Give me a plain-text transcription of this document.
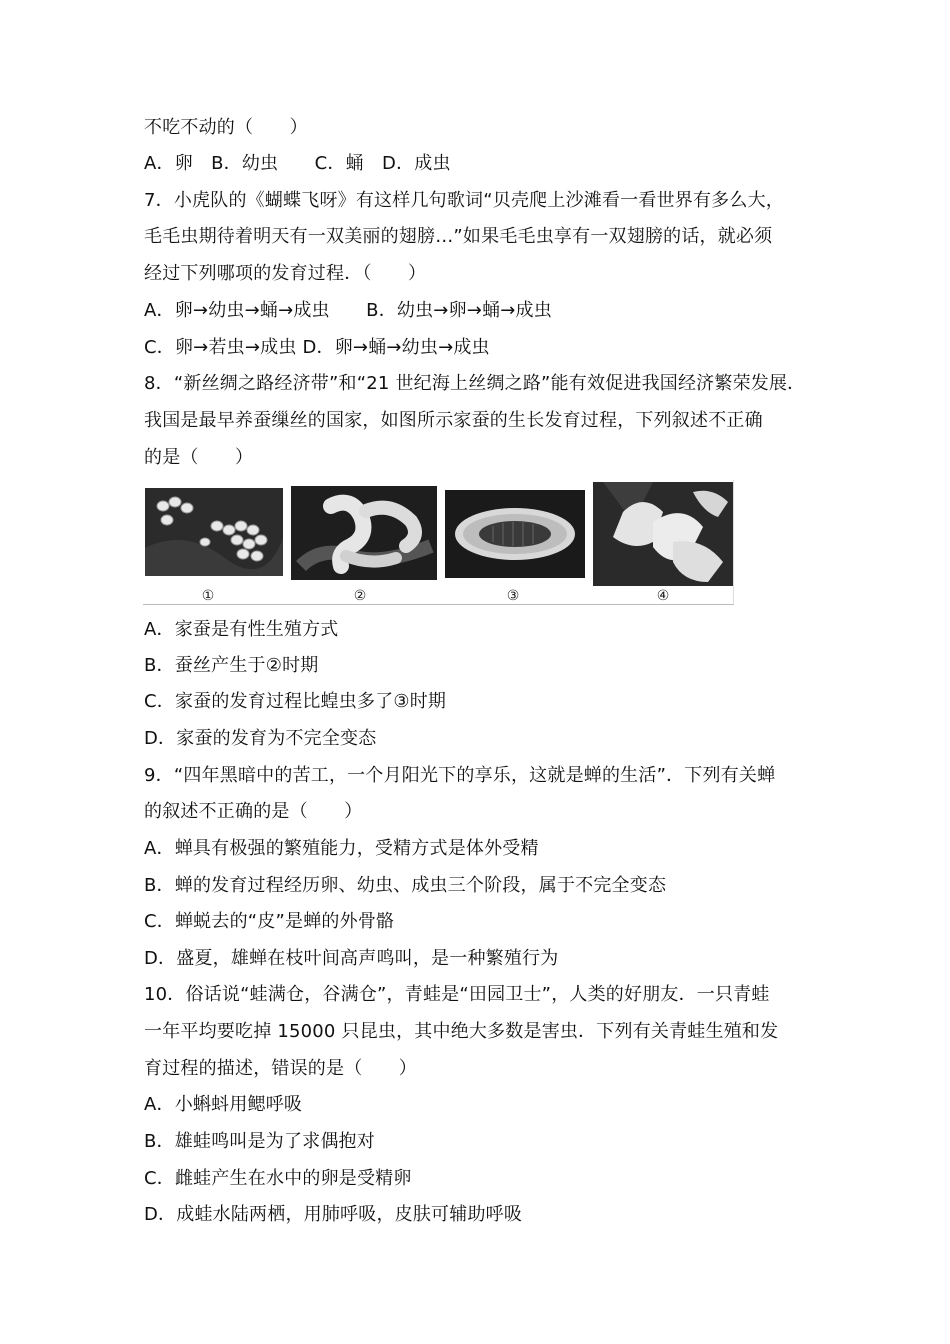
不吃不动的（　　）
A．卵　B．幼虫　　C．蛹　D．成虫
7．小虎队的《蝴蝶飞呀》有这样几句歌词“贝壳爬上沙滩看一看世界有多么大，
毛毛虫期待着明天有一双美丽的翅膀…”如果毛毛虫享有一双翅膀的话，就必须
经过下列哪项的发育过程．（　　）
A．卵→幼虫→蛹→成虫　　B．幼虫→卵→蛹→成虫
C．卵→若虫→成虫 D．卵→蛹→幼虫→成虫
8．“新丝绸之路经济带”和“21 世纪海上丝绸之路”能有效促进我国经济繁荣发展．
我国是最早养蚕缫丝的国家，如图所示家蚕的生长发育过程，下列叙述不正确
的是（　　）
①	②	③	④
A．家蚕是有性生殖方式
B．蚕丝产生于②时期
C．家蚕的发育过程比蝗虫多了③时期
D．家蚕的发育为不完全变态
9．“四年黑暗中的苦工，一个月阳光下的享乐，这就是蝉的生活”．下列有关蝉
的叙述不正确的是（　　）
A．蝉具有极强的繁殖能力，受精方式是体外受精
B．蝉的发育过程经历卵、幼虫、成虫三个阶段，属于不完全变态
C．蝉蜕去的“皮”是蝉的外骨骼
D．盛夏，雄蝉在枝叶间高声鸣叫，是一种繁殖行为
10．俗话说“蛙满仓，谷满仓”，青蛙是“田园卫士”，人类的好朋友．一只青蛙
一年平均要吃掉 15000 只昆虫，其中绝大多数是害虫．下列有关青蛙生殖和发
育过程的描述，错误的是（　　）
A．小蝌蚪用鳃呼吸
B．雄蛙鸣叫是为了求偶抱对
C．雌蛙产生在水中的卵是受精卵
D．成蛙水陆两栖，用肺呼吸，皮肤可辅助呼吸
